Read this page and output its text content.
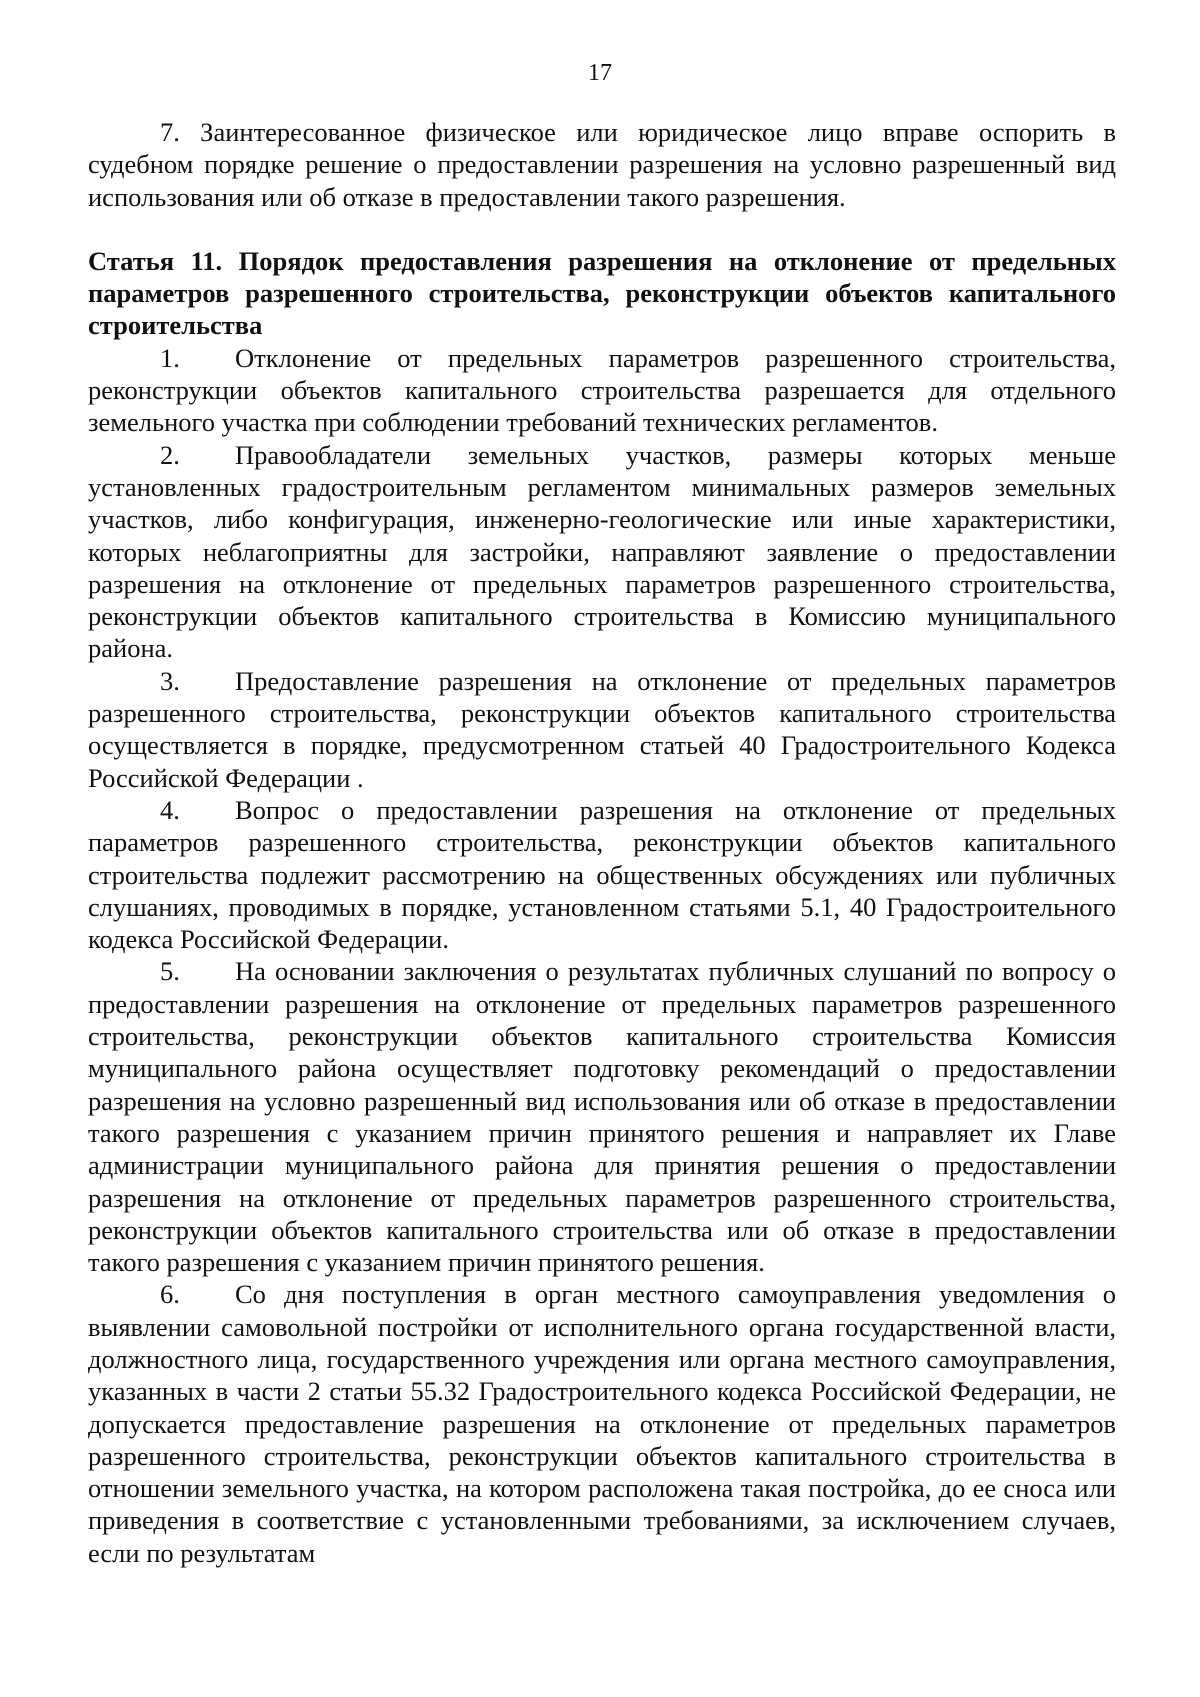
17

7. Заинтересованное физическое или юридическое лицо вправе оспорить в судебном порядке решение о предоставлении разрешения на условно разрешенный вид использования или об отказе в предоставлении такого разрешения.

Статья 11. Порядок предоставления разрешения на отклонение от предельных параметров разрешенного строительства, реконструкции объектов капитального строительства

1. Отклонение от предельных параметров разрешенного строительства, реконструкции объектов капитального строительства разрешается для отдельного земельного участка при соблюдении требований технических регламентов.

2. Правообладатели земельных участков, размеры которых меньше установленных градостроительным регламентом минимальных размеров земельных участков, либо конфигурация, инженерно-геологические или иные характеристики, которых неблагоприятны для застройки, направляют заявление о предоставлении разрешения на отклонение от предельных параметров разрешенного строительства, реконструкции объектов капитального строительства в Комиссию муниципального района.

3. Предоставление разрешения на отклонение от предельных параметров разрешенного строительства, реконструкции объектов капитального строительства осуществляется в порядке, предусмотренном статьей 40 Градостроительного Кодекса Российской Федерации .

4. Вопрос о предоставлении разрешения на отклонение от предельных параметров разрешенного строительства, реконструкции объектов капитального строительства подлежит рассмотрению на общественных обсуждениях или публичных слушаниях, проводимых в порядке, установленном статьями 5.1, 40 Градостроительного кодекса Российской Федерации.

5. На основании заключения о результатах публичных слушаний по вопросу о предоставлении разрешения на отклонение от предельных параметров разрешенного строительства, реконструкции объектов капитального строительства Комиссия муниципального района осуществляет подготовку рекомендаций о предоставлении разрешения на условно разрешенный вид использования или об отказе в предоставлении такого разрешения с указанием причин принятого решения и направляет их Главе администрации муниципального района для принятия решения о предоставлении разрешения на отклонение от предельных параметров разрешенного строительства, реконструкции объектов капитального строительства или об отказе в предоставлении такого разрешения с указанием причин принятого решения.

6. Со дня поступления в орган местного самоуправления уведомления о выявлении самовольной постройки от исполнительного органа государственной власти, должностного лица, государственного учреждения или органа местного самоуправления, указанных в части 2 статьи 55.32 Градостроительного кодекса Российской Федерации, не допускается предоставление разрешения на отклонение от предельных параметров разрешенного строительства, реконструкции объектов капитального строительства в отношении земельного участка, на котором расположена такая постройка, до ее сноса или приведения в соответствие с установленными требованиями, за исключением случаев, если по результатам
